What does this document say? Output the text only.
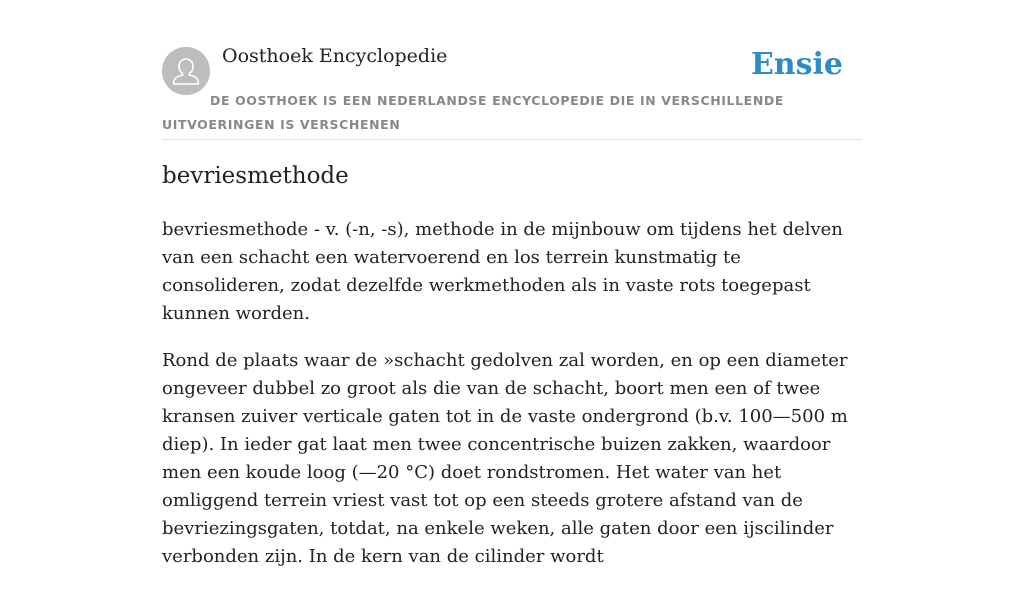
Oosthoek Encyclopedie	Ensie
DE OOSTHOEK IS EEN NEDERLANDSE ENCYCLOPEDIE DIE IN VERSCHILLENDE UITVOERINGEN IS VERSCHENEN
bevriesmethode

bevriesmethode - v. (-n, -s), methode in de mijnbouw om tijdens het delven van een schacht een watervoerend en los terrein kunstmatig te consolideren, zodat dezelfde werkmethoden als in vaste rots toegepast kunnen worden.

Rond de plaats waar de »schacht gedolven zal worden, en op een diameter ongeveer dubbel zo groot als die van de schacht, boort men een of twee kransen zuiver verticale gaten tot in de vaste ondergrond (b.v. 100—500 m diep). In ieder gat laat men twee concentrische buizen zakken, waardoor men een koude loog (—20 °C) doet rondstromen. Het water van het omliggend terrein vriest vast tot op een steeds grotere afstand van de bevriezingsgaten, totdat, na enkele weken, alle gaten door een ijscilinder verbonden zijn. In de kern van de cilinder wordt
